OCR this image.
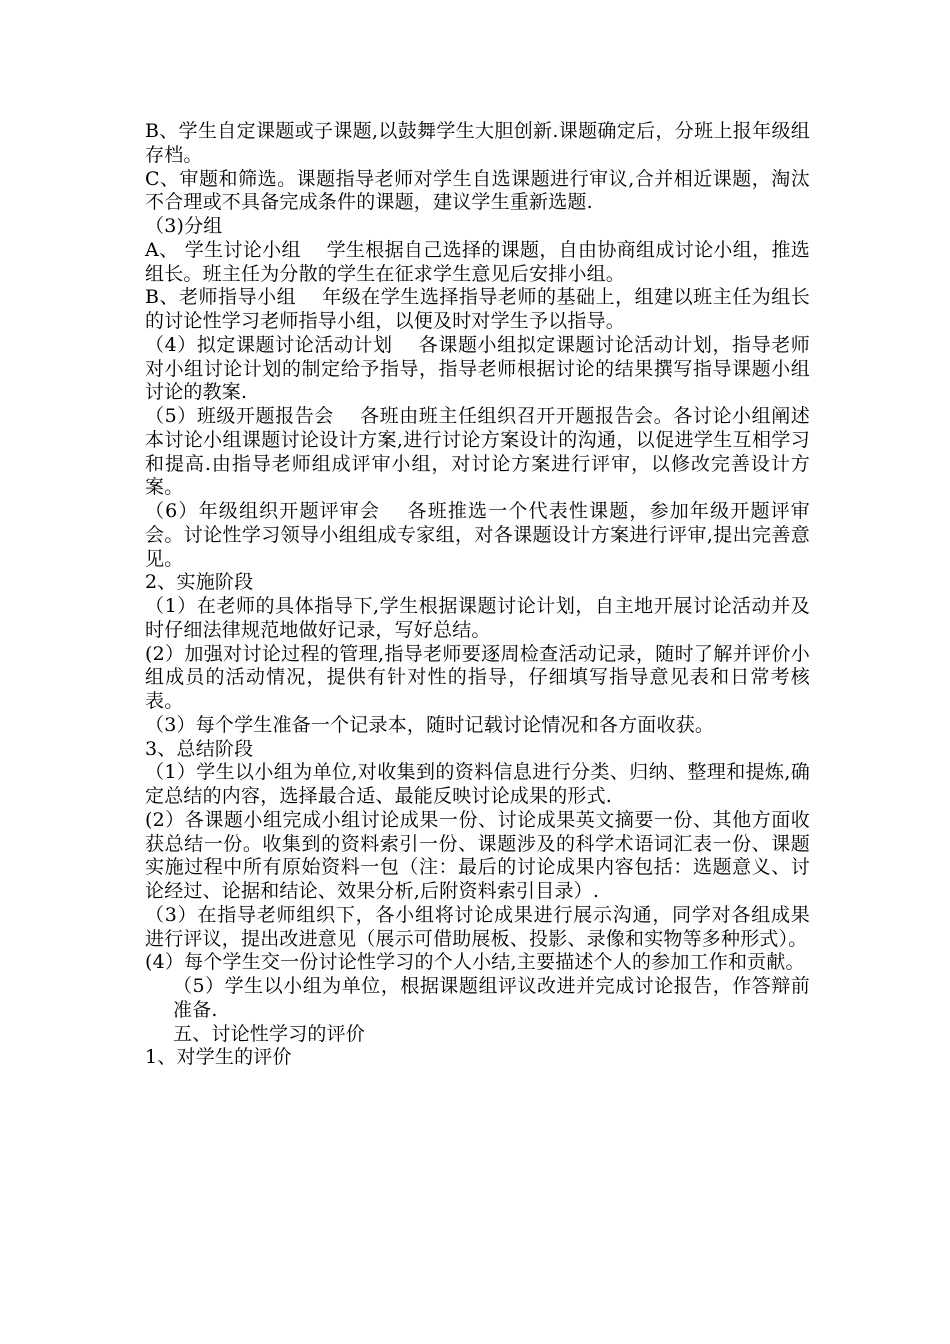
B、学生自定课题或子课题,以鼓舞学生大胆创新.课题确定后，分班上报年级组存档。

C、审题和筛选。课题指导老师对学生自选课题进行审议,合并相近课题，淘汰不合理或不具备完成条件的课题，建议学生重新选题.

（3)分组

A、 学生讨论小组　 学生根据自己选择的课题，自由协商组成讨论小组，推选组长。班主任为分散的学生在征求学生意见后安排小组。

B、老师指导小组　 年级在学生选择指导老师的基础上，组建以班主任为组长的讨论性学习老师指导小组，以便及时对学生予以指导。

（4）拟定课题讨论活动计划　 各课题小组拟定课题讨论活动计划，指导老师对小组讨论计划的制定给予指导，指导老师根据讨论的结果撰写指导课题小组讨论的教案.

（5）班级开题报告会　 各班由班主任组织召开开题报告会。各讨论小组阐述本讨论小组课题讨论设计方案,进行讨论方案设计的沟通，以促进学生互相学习和提高.由指导老师组成评审小组，对讨论方案进行评审，以修改完善设计方案。

（6）年级组织开题评审会　 各班推选一个代表性课题，参加年级开题评审会。讨论性学习领导小组组成专家组，对各课题设计方案进行评审,提出完善意见。

2、实施阶段

（1）在老师的具体指导下,学生根据课题讨论计划，自主地开展讨论活动并及时仔细法律规范地做好记录，写好总结。

(2）加强对讨论过程的管理,指导老师要逐周检查活动记录，随时了解并评价小组成员的活动情况，提供有针对性的指导，仔细填写指导意见表和日常考核表。

（3）每个学生准备一个记录本，随时记载讨论情况和各方面收获。

3、总结阶段

（1）学生以小组为单位,对收集到的资料信息进行分类、归纳、整理和提炼,确定总结的内容，选择最合适、最能反映讨论成果的形式.

(2）各课题小组完成小组讨论成果一份、讨论成果英文摘要一份、其他方面收获总结一份。收集到的资料索引一份、课题涉及的科学术语词汇表一份、课题实施过程中所有原始资料一包（注：最后的讨论成果内容包括：选题意义、讨论经过、论据和结论、效果分析,后附资料索引目录）.

（3）在指导老师组织下，各小组将讨论成果进行展示沟通，同学对各组成果进行评议，提出改进意见（展示可借助展板、投影、录像和实物等多种形式）。

(4）每个学生交一份讨论性学习的个人小结,主要描述个人的参加工作和贡献。

（5）学生以小组为单位，根据课题组评议改进并完成讨论报告，作答辩前准备.

五、讨论性学习的评价

1、对学生的评价
